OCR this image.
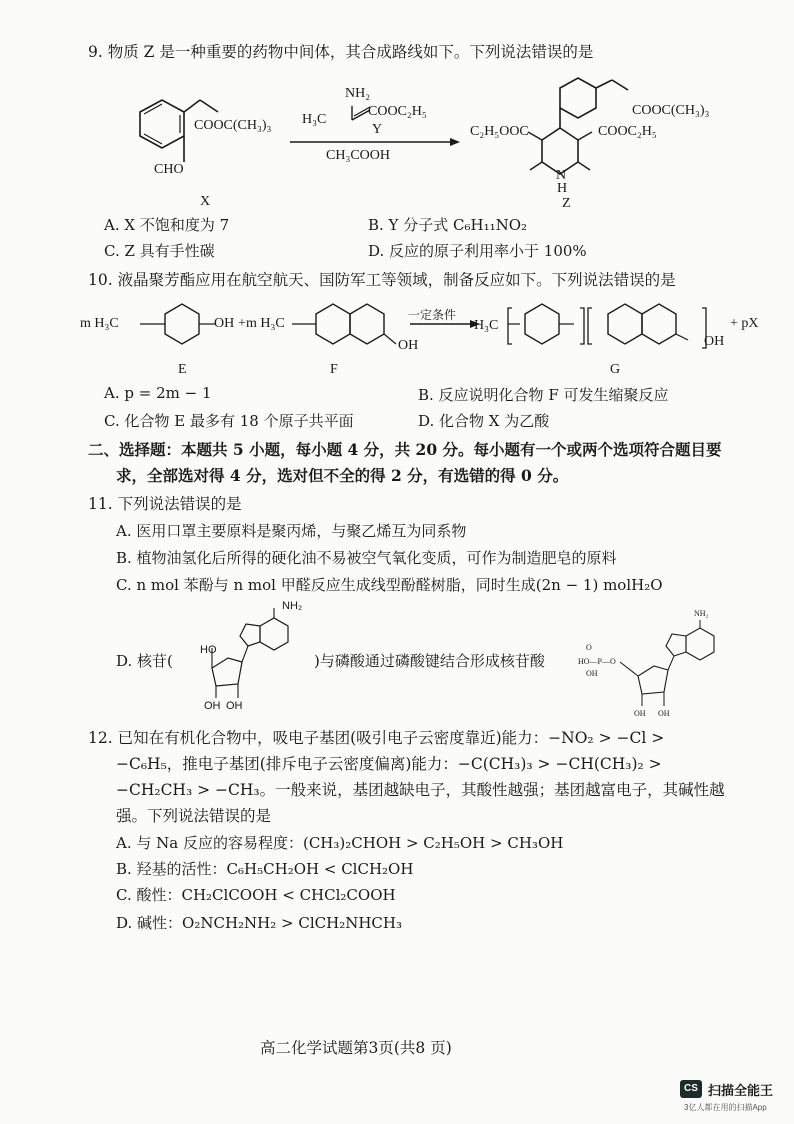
9. 物质 Z 是一种重要的药物中间体，其合成路线如下。下列说法错误的是
COOC(CH₃)₃
CHO
X
NH₂
H₃C
COOC₂H₅
Y
CH₃COOH
COOC(CH₃)₃
C₂H₅OOC	COOC₂H₅
N
H
Z
A. X 不饱和度为 7	B. Y 分子式 C₆H₁₁NO₂
C. Z 具有手性碳	D. 反应的原子利用率小于 100%
10. 液晶聚芳酯应用在航空航天、国防军工等领域，制备反应如下。下列说法错误的是
m H₃C	OH + m H₃C
OH
一定条件
H₃C
OH
+ pX
E	F	G
A. p = 2m − 1	B. 反应说明化合物 F 可发生缩聚反应
C. 化合物 E 最多有 18 个原子共平面	D. 化合物 X 为乙酸
二、选择题：本题共 5 小题，每小题 4 分，共 20 分。每小题有一个或两个选项符合题目要
求，全部选对得 4 分，选对但不全的得 2 分，有选错的得 0 分。
11. 下列说法错误的是
A. 医用口罩主要原料是聚丙烯，与聚乙烯互为同系物
B. 植物油氢化后所得的硬化油不易被空气氧化变质，可作为制造肥皂的原料
C. n mol 苯酚与 n mol 甲醛反应生成线型酚醛树脂，同时生成(2n − 1) molH₂O
D. 核苷(
NH₂
HO
OH OH
)与磷酸通过磷酸键结合形成核苷酸
O
HO—P—O
OH
OH OH
NH₂
12. 已知在有机化合物中，吸电子基团(吸引电子云密度靠近)能力：−NO₂ > −Cl >
−C₆H₅，推电子基团(排斥电子云密度偏离)能力：−C(CH₃)₃ > −CH(CH₃)₂ >
−CH₂CH₃ > −CH₃。一般来说，基团越缺电子，其酸性越强；基团越富电子，其碱性越
强。下列说法错误的是
A. 与 Na 反应的容易程度：(CH₃)₂CHOH > C₂H₅OH > CH₃OH
B. 羟基的活性：C₆H₅CH₂OH < ClCH₂OH
C. 酸性：CH₂ClCOOH < CHCl₂COOH
D. 碱性：O₂NCH₂NH₂ > ClCH₂NHCH₃
高二化学试题第3页(共8 页)
CS 扫描全能王
3亿人都在用的扫描App
